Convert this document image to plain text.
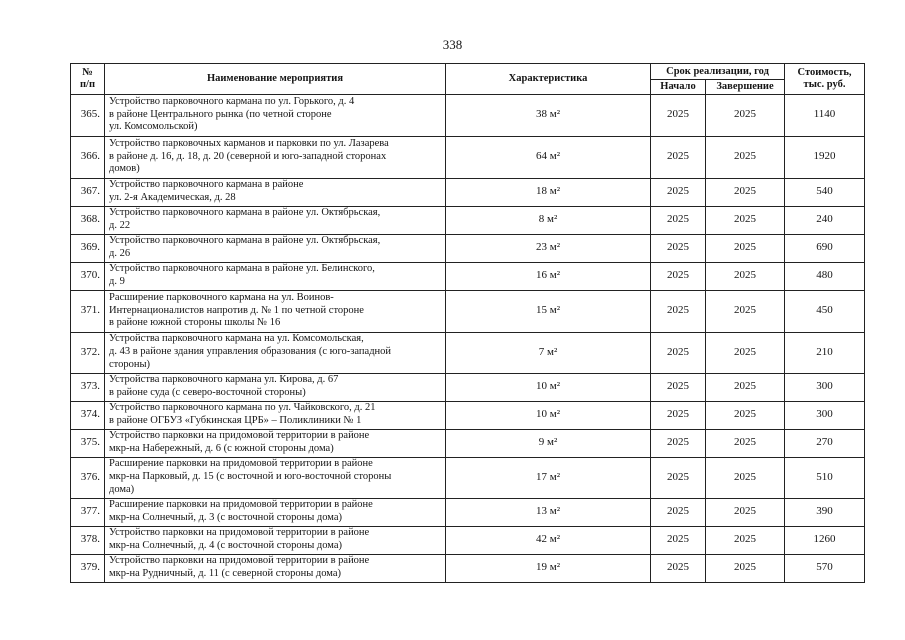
338
№
п/п	Наименование мероприятия	Характеристика	Срок реализации, год		Стоимость,
тыс. руб.
			Начало	Завершение	
365.	Устройство парковочного кармана по ул. Горького, д. 4
в районе Центрального рынка (по четной стороне
ул. Комсомольской)	38 м²	2025	2025	1140
366.	Устройство парковочных карманов и парковки по ул. Лазарева
в районе д. 16, д. 18, д. 20 (северной и юго-западной сторонах
домов)	64 м²	2025	2025	1920
367.	Устройство парковочного кармана в районе
ул. 2-я Академическая, д. 28	18 м²	2025	2025	540
368.	Устройство парковочного кармана в районе ул. Октябрьская,
д. 22	8 м²	2025	2025	240
369.	Устройство парковочного кармана в районе ул. Октябрьская,
д. 26	23 м²	2025	2025	690
370.	Устройство парковочного кармана в районе ул. Белинского,
д. 9	16 м²	2025	2025	480
371.	Расширение парковочного кармана на ул. Воинов-
Интернационалистов напротив д. № 1 по четной стороне
в районе южной стороны школы № 16	15 м²	2025	2025	450
372.	Устройства парковочного кармана на ул. Комсомольская,
д. 43 в районе здания управления образования (с юго-западной
стороны)	7 м²	2025	2025	210
373.	Устройства парковочного кармана ул. Кирова, д. 67
в районе суда (с северо-восточной стороны)	10 м²	2025	2025	300
374.	Устройство парковочного кармана по ул. Чайковского, д. 21
в районе ОГБУЗ «Губкинская ЦРБ» – Поликлиники № 1	10 м²	2025	2025	300
375.	Устройство парковки на придомовой территории в районе
мкр-на Набережный, д. 6 (с южной стороны дома)	9 м²	2025	2025	270
376.	Расширение парковки на придомовой территории в районе
мкр-на Парковый, д. 15 (с восточной и юго-восточной стороны
дома)	17 м²	2025	2025	510
377.	Расширение парковки на придомовой территории в районе
мкр-на Солнечный, д. 3 (с восточной стороны дома)	13 м²	2025	2025	390
378.	Устройство парковки на придомовой территории в районе
мкр-на Солнечный, д. 4 (с восточной стороны дома)	42 м²	2025	2025	1260
379.	Устройство парковки на придомовой территории в районе
мкр-на Рудничный, д. 11 (с северной стороны дома)	19 м²	2025	2025	570
